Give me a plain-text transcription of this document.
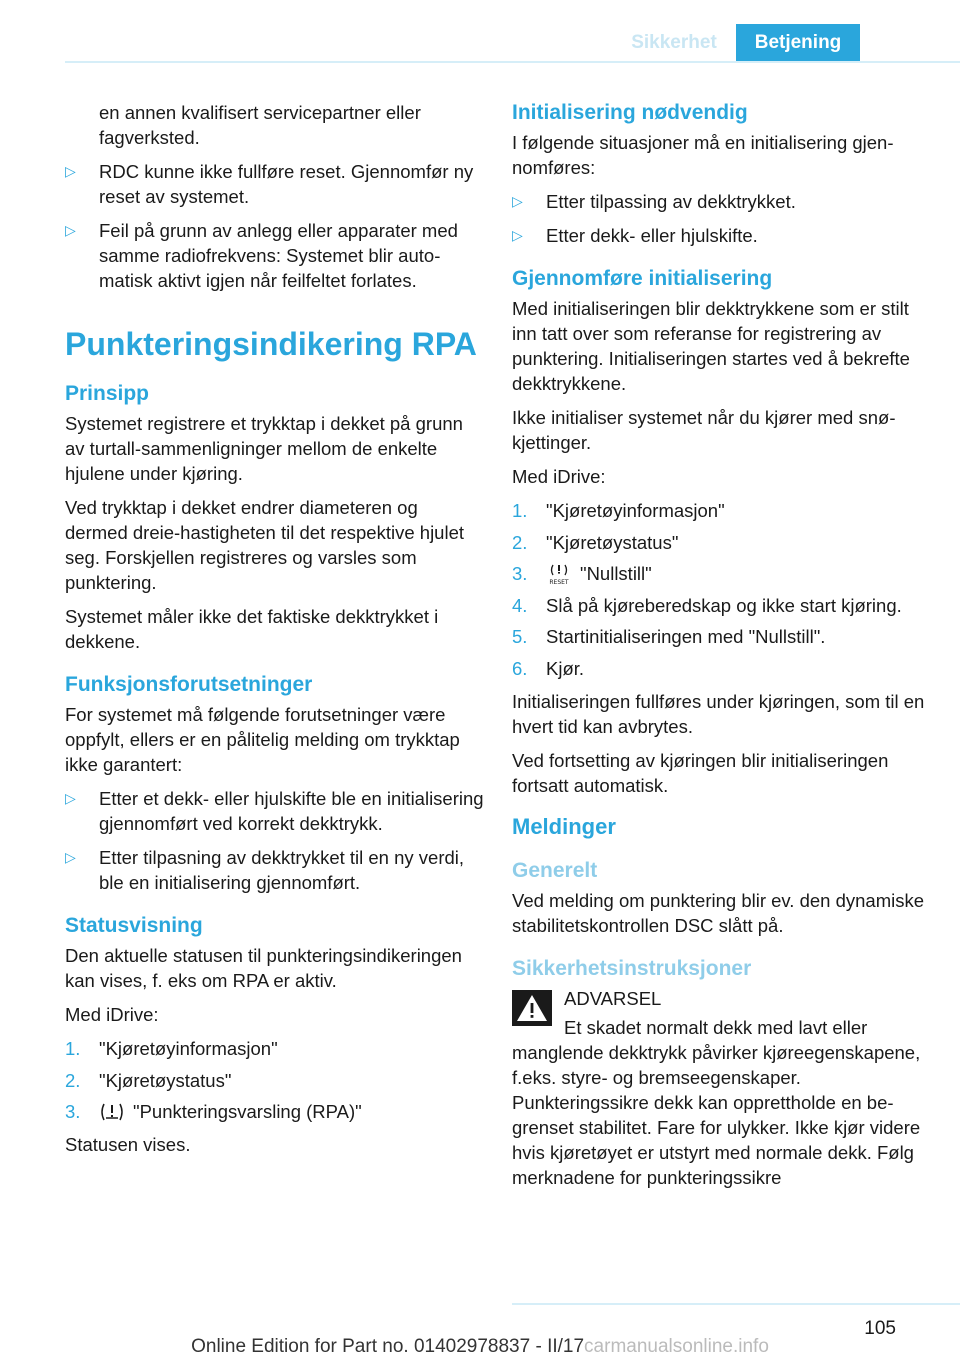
Sikkerhet	Betjening

en annen kvalifisert servicepartner eller fagverksted.

▷ RDC kunne ikke fullføre reset. Gjennomfør ny reset av systemet.
▷ Feil på grunn av anlegg eller apparater med samme radiofrekvens: Systemet blir automatisk aktivt igjen når feilfeltet forlates.
Punkteringsindikering RPA
Prinsipp

Systemet registrere et trykktap i dekket på grunn av turtall-sammenligninger mellom de enkelte hjulene under kjøring.

Ved trykktap i dekket endrer diameteren og dermed dreie-hastigheten til det respektive hjulet seg. Forskjellen registreres og varsles som punktering.

Systemet måler ikke det faktiske dekktrykket i dekkene.

Funksjonsforutsetninger

For systemet må følgende forutsetninger være oppfylt, ellers er en pålitelig melding om trykktap ikke garantert:

▷ Etter et dekk- eller hjulskifte ble en initialisering gjennomført ved korrekt dekktrykk.
▷ Etter tilpasning av dekktrykket til en ny verdi, ble en initialisering gjennomført.
Statusvisning

Den aktuelle statusen til punkteringsindikeringen kan vises, f. eks om RPA er aktiv.

Med iDrive:

1. "Kjøretøyinformasjon"
2. "Kjøretøystatus"
3.	"Punkteringsvarsling (RPA)"

Statusen vises.

Initialisering nødvendig

I følgende situasjoner må en initialisering gjennomføres:

▷ Etter tilpassing av dekktrykket.
▷ Etter dekk- eller hjulskifte.
Gjennomføre initialisering

Med initialiseringen blir dekktrykkene som er stilt inn tatt over som referanse for registrering av punktering. Initialiseringen startes ved å bekrefte dekktrykkene.

Ikke initialiser systemet når du kjører med snøkjettinger.

Med iDrive:

1. "Kjøretøyinformasjon"
2. "Kjøretøystatus"
3.	RESET "Nullstill"
4. Slå på kjøreberedskap og ikke start kjøring.
5. Startinitialiseringen med "Nullstill".
6. Kjør.

Initialiseringen fullføres under kjøringen, som til en hvert tid kan avbrytes.

Ved fortsetting av kjøringen blir initialiseringen fortsatt automatisk.

Meldinger
Generelt

Ved melding om punktering blir ev. den dynamiske stabilitetskontrollen DSC slått på.

Sikkerhetsinstruksjoner

ADVARSEL

Et skadet normalt dekk med lavt eller

manglende dekktrykk påvirker kjøreegenskapene, f.eks. styre- og bremseegenskaper. Punkteringssikre dekk kan opprettholde en begrenset stabilitet. Fare for ulykker. Ikke kjør videre hvis kjøretøyet er utstyrt med normale dekk. Følg merknadene for punkteringssikre

105
Online Edition for Part no. 01402978837 - II/17carmanualsonline.info
